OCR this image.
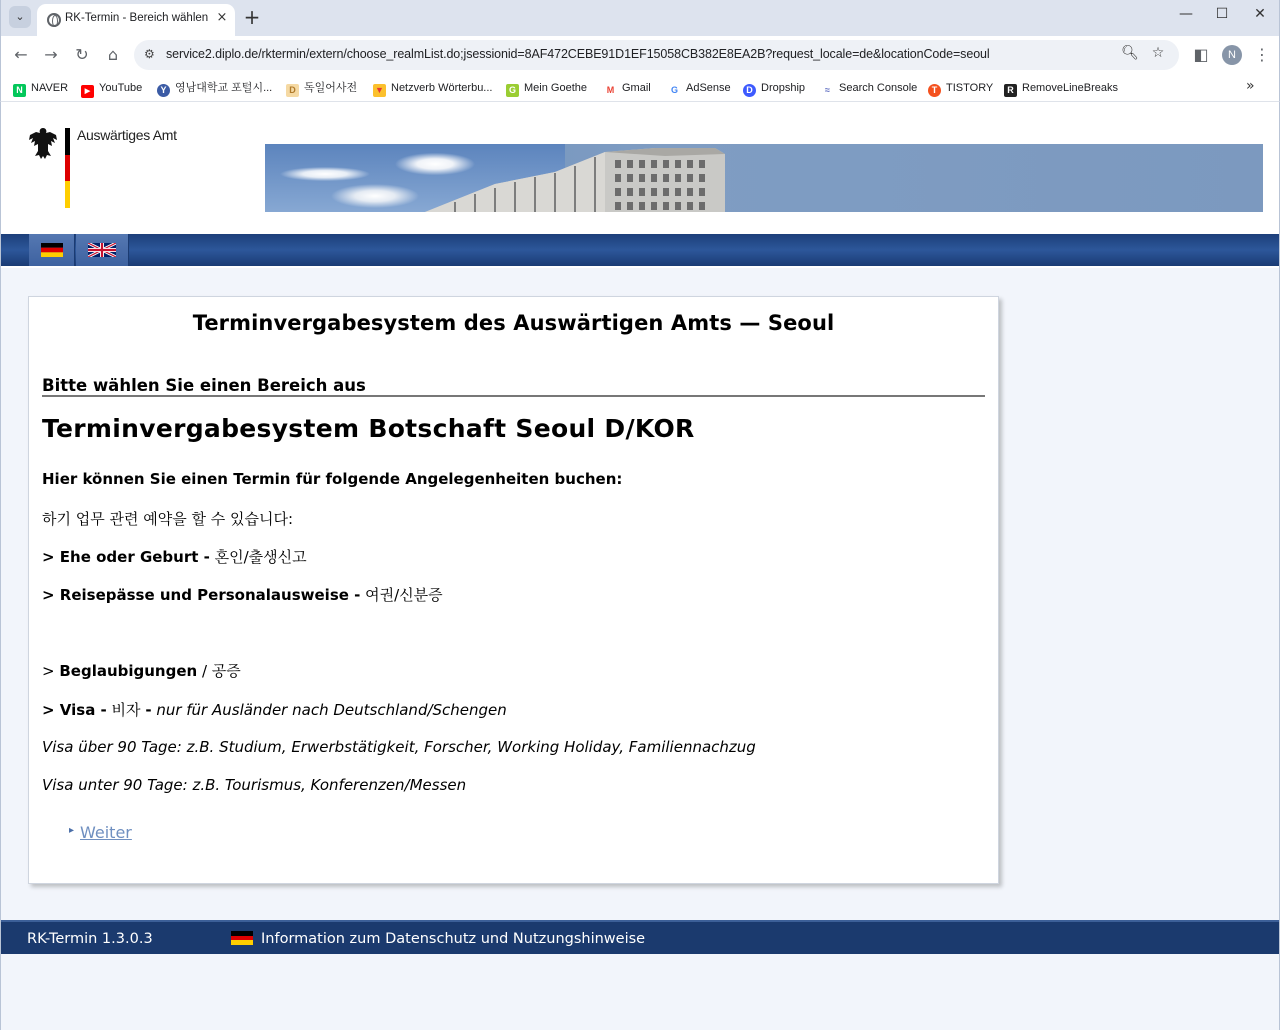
⌄	RK-Termin - Bereich wählen × +	— ☐ ✕
← → ↻	⌂	⚙ service2.diplo.de/rktermin/extern/choose_realmList.do;jsessionid=8AF472CEBE91D1EF15058CB382E8EA2B?request_locale=de&locationCode=seoul	🔍︎ ☆ ◧	N	⋮
N NAVER	▶ YouTube	Y 영남대학교 포털시...	D 독일어사전 ▼ Netzverb Wörterbu...	G Mein Goethe	M Gmail	G AdSense	D Dropship	≈ Search Console	T TISTORY	R RemoveLineBreaks	»
Auswärtiges Amt
Terminvergabesystem des Auswärtigen Amts — Seoul
Bitte wählen Sie einen Bereich aus
Terminvergabesystem Botschaft Seoul D/KOR
Hier können Sie einen Termin für folgende Angelegenheiten buchen:
하기 업무 관련 예약을 할 수 있습니다:
> Ehe oder Geburt - 혼인/출생신고
> Reisepässe und Personalausweise - 여권/신분증
> Beglaubigungen / 공증
> Visa - 비자 - nur für Ausländer nach Deutschland/Schengen
Visa über 90 Tage: z.B. Studium, Erwerbstätigkeit, Forscher, Working Holiday, Familiennachzug
Visa unter 90 Tage: z.B. Tourismus, Konferenzen/Messen
▸ Weiter
RK-Termin 1.3.0.3	Information zum Datenschutz und Nutzungshinweise
